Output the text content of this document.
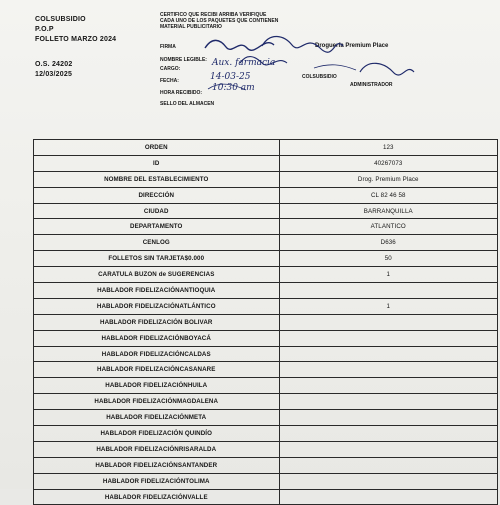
COLSUBSIDIO
P.O.P
FOLLETO MARZO 2024
O.S. 24202
12/03/2025
CERTIFICO QUE RECIBI ARRIBA VERIFIQUE CADA UNO DE LOS PAQUETES QUE CONTIENEN MATERIAL PUBLICITARIO
FIRMA
NOMBRE LEGIBLE:
CARGO:
FECHA:
HORA RECIBIDO:
SELLO DEL ALMACEN
Aux. farmacia
14-03-25
10:30 am
Droguerfa Premium Place
COLSUBSIDIO
ADMINISTRADOR
ORDEN	123
ID	40267073
NOMBRE DEL ESTABLECIMIENTO	Drog. Premium Place
DIRECCIÓN	CL 82 46 58
CIUDAD	BARRANQUILLA
DEPARTAMENTO	ATLANTICO
CENLOG	D636
FOLLETOS SIN TARJETA$0.000	50
CARATULA BUZON de SUGERENCIAS	1
HABLADOR FIDELIZACIÓNANTIOQUIA	
HABLADOR FIDELIZACIÓNATLÁNTICO	1
HABLADOR FIDELIZACIÓN BOLIVAR	
HABLADOR FIDELIZACIÓNBOYACÁ	
HABLADOR FIDELIZACIÓNCALDAS	
HABLADOR FIDELIZACIÓNCASANARE	
HABLADOR FIDELIZACIÓNHUILA	
HABLADOR FIDELIZACIÓNMAGDALENA	
HABLADOR FIDELIZACIÓNMETA	
HABLADOR FIDELIZACIÓN QUINDÍO	
HABLADOR FIDELIZACIÓNRISARALDA	
HABLADOR FIDELIZACIÓNSANTANDER	
HABLADOR FIDELIZACIÓNTOLIMA	
HABLADOR FIDELIZACIÓNVALLE	
